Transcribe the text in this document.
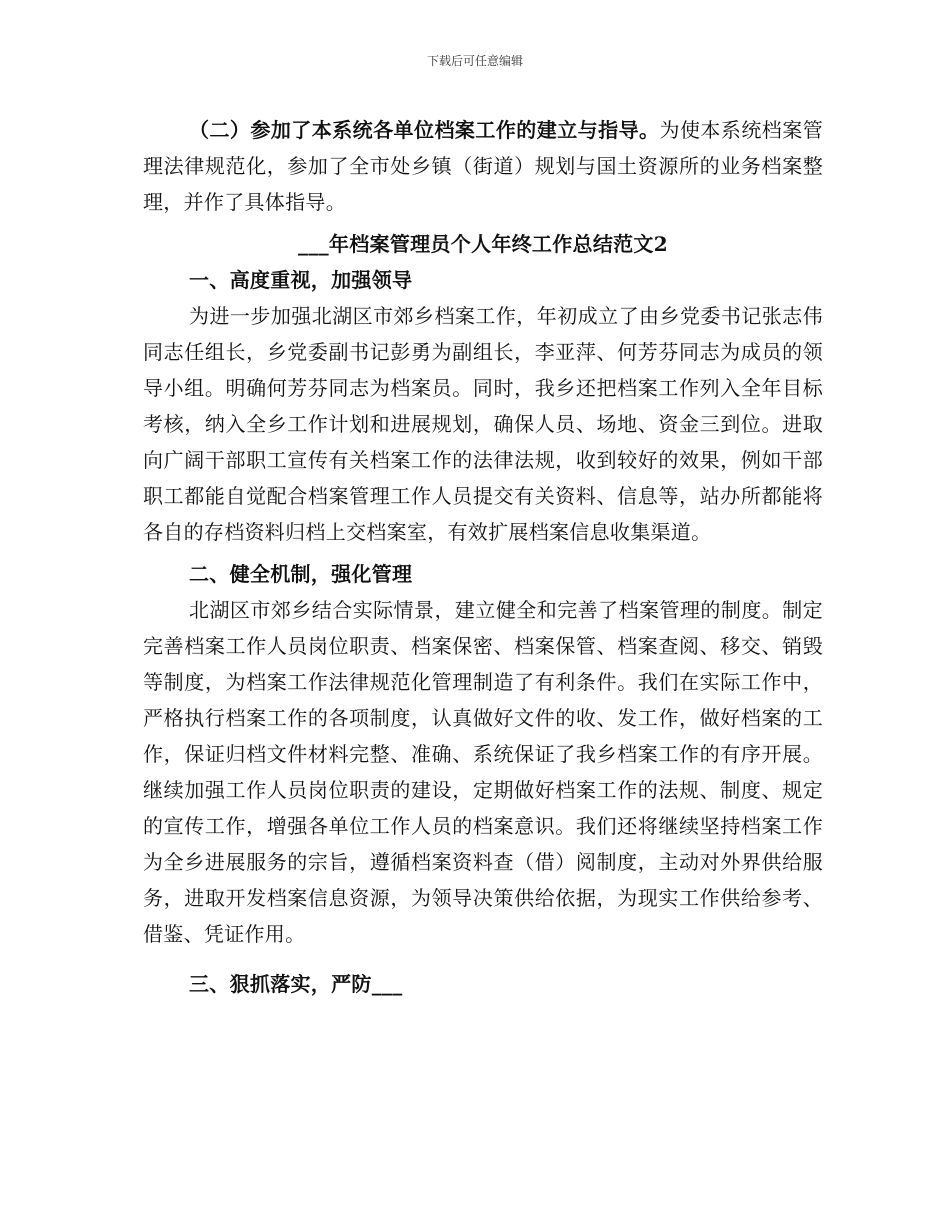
下载后可任意编辑

（二）参加了本系统各单位档案工作的建立与指导。为使本系统档案管理法律规范化，参加了全市处乡镇（街道）规划与国土资源所的业务档案整理，并作了具体指导。

___年档案管理员个人年终工作总结范文2

一、高度重视，加强领导

为进一步加强北湖区市郊乡档案工作，年初成立了由乡党委书记张志伟同志任组长，乡党委副书记彭勇为副组长，李亚萍、何芳芬同志为成员的领导小组。明确何芳芬同志为档案员。同时，我乡还把档案工作列入全年目标考核，纳入全乡工作计划和进展规划，确保人员、场地、资金三到位。进取向广阔干部职工宣传有关档案工作的法律法规，收到较好的效果，例如干部职工都能自觉配合档案管理工作人员提交有关资料、信息等，站办所都能将各自的存档资料归档上交档案室，有效扩展档案信息收集渠道。

二、健全机制，强化管理

北湖区市郊乡结合实际情景，建立健全和完善了档案管理的制度。制定完善档案工作人员岗位职责、档案保密、档案保管、档案查阅、移交、销毁等制度，为档案工作法律规范化管理制造了有利条件。我们在实际工作中，严格执行档案工作的各项制度，认真做好文件的收、发工作，做好档案的工作，保证归档文件材料完整、准确、系统保证了我乡档案工作的有序开展。继续加强工作人员岗位职责的建设，定期做好档案工作的法规、制度、规定的宣传工作，增强各单位工作人员的档案意识。我们还将继续坚持档案工作为全乡进展服务的宗旨，遵循档案资料查（借）阅制度，主动对外界供给服务，进取开发档案信息资源，为领导决策供给依据，为现实工作供给参考、借鉴、凭证作用。

三、狠抓落实，严防___
